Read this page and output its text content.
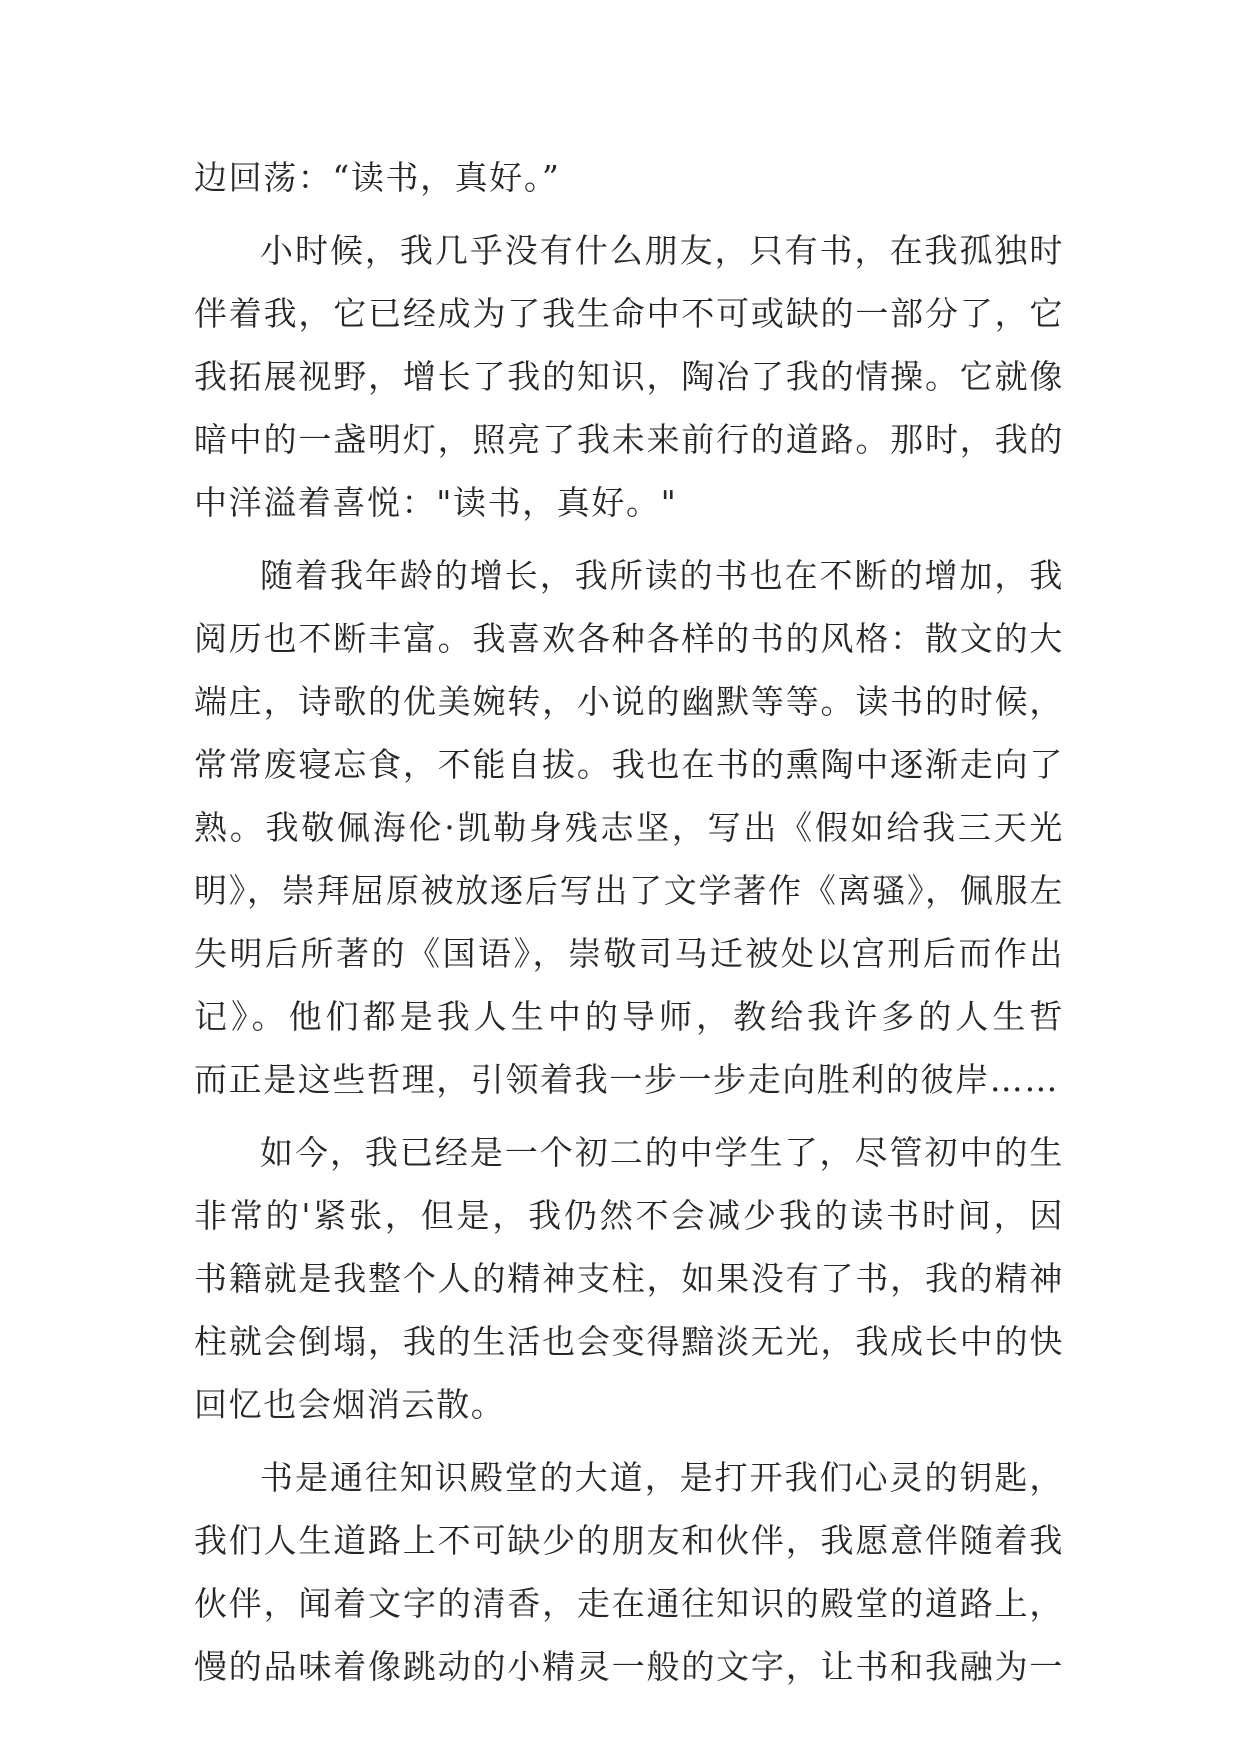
边回荡：“读书，真好。”
小时候，我几乎没有什么朋友，只有书，在我孤独时
伴着我，它已经成为了我生命中不可或缺的一部分了，它
我拓展视野，增长了我的知识，陶冶了我的情操。它就像
暗中的一盏明灯，照亮了我未来前行的道路。那时，我的
中洋溢着喜悦："读书，真好。"
随着我年龄的增长，我所读的书也在不断的增加，我
阅历也不断丰富。我喜欢各种各样的书的风格：散文的大
端庄，诗歌的优美婉转，小说的幽默等等。读书的时候，
常常废寝忘食，不能自拔。我也在书的熏陶中逐渐走向了
熟。我敬佩海伦·凯勒身残志坚，写出《假如给我三天光
明》，崇拜屈原被放逐后写出了文学著作《离骚》，佩服左
失明后所著的《国语》，崇敬司马迁被处以宫刑后而作出
记》。他们都是我人生中的导师，教给我许多的人生哲
而正是这些哲理，引领着我一步一步走向胜利的彼岸……
如今，我已经是一个初二的中学生了，尽管初中的生
非常的'紧张，但是，我仍然不会减少我的读书时间，因
书籍就是我整个人的精神支柱，如果没有了书，我的精神
柱就会倒塌，我的生活也会变得黯淡无光，我成长中的快
回忆也会烟消云散。
书是通往知识殿堂的大道，是打开我们心灵的钥匙，
我们人生道路上不可缺少的朋友和伙伴，我愿意伴随着我
伙伴，闻着文字的清香，走在通往知识的殿堂的道路上，
慢的品味着像跳动的小精灵一般的文字，让书和我融为一
